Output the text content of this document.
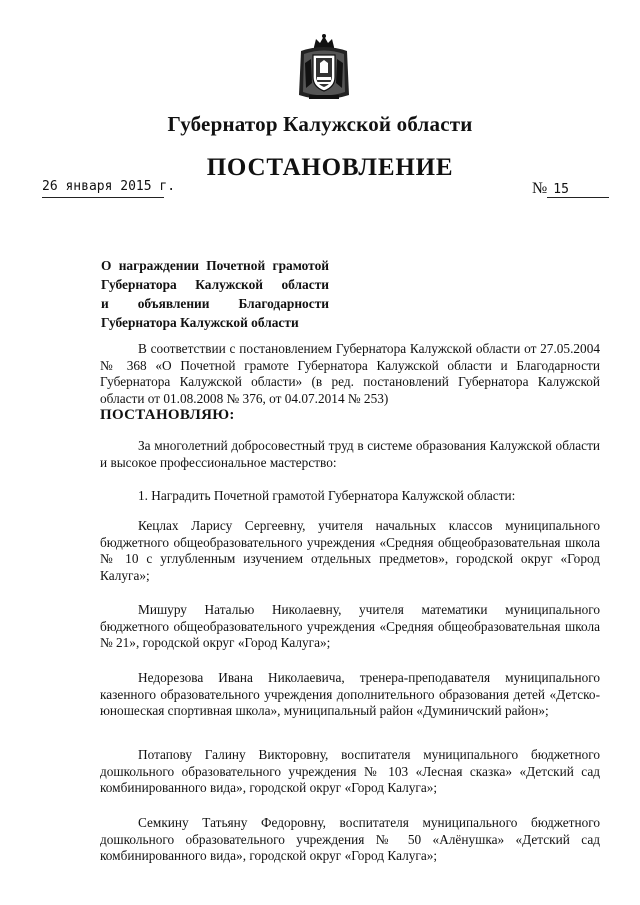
Губернатор Калужской области
ПОСТАНОВЛЕНИЕ
26 января 2015 г.	№ 15
О награждении Почетной грамотой
Губернатора Калужской области
и объявлении Благодарности
Губернатора Калужской области

В соответствии с постановлением Губернатора Калужской области от 27.05.2004 № 368 «О Почетной грамоте Губернатора Калужской области и Благодарности Губернатора Калужской области» (в ред. постановлений Губернатора Калужской области от 01.08.2008 № 376, от 04.07.2014 № 253)

ПОСТАНОВЛЯЮ:

За многолетний добросовестный труд в системе образования Калужской области и высокое профессиональное мастерство:

1. Наградить Почетной грамотой Губернатора Калужской области:

Кецлах Ларису Сергеевну, учителя начальных классов муниципального бюджетного общеобразовательного учреждения «Средняя общеобразовательная школа № 10 с углубленным изучением отдельных предметов», городской округ «Город Калуга»;

Мишуру Наталью Николаевну, учителя математики муниципального бюджетного общеобразовательного учреждения «Средняя общеобразовательная школа № 21», городской округ «Город Калуга»;

Недорезова Ивана Николаевича, тренера-преподавателя муниципального казенного образовательного учреждения дополнительного образования детей «Детско-юношеская спортивная школа», муниципальный район «Думиничский район»;

Потапову Галину Викторовну, воспитателя муниципального бюджетного дошкольного образовательного учреждения № 103 «Лесная сказка» «Детский сад комбинированного вида», городской округ «Город Калуга»;

Семкину Татьяну Федоровну, воспитателя муниципального бюджетного дошкольного образовательного учреждения № 50 «Алёнушка» «Детский сад комбинированного вида», городской округ «Город Калуга»;
